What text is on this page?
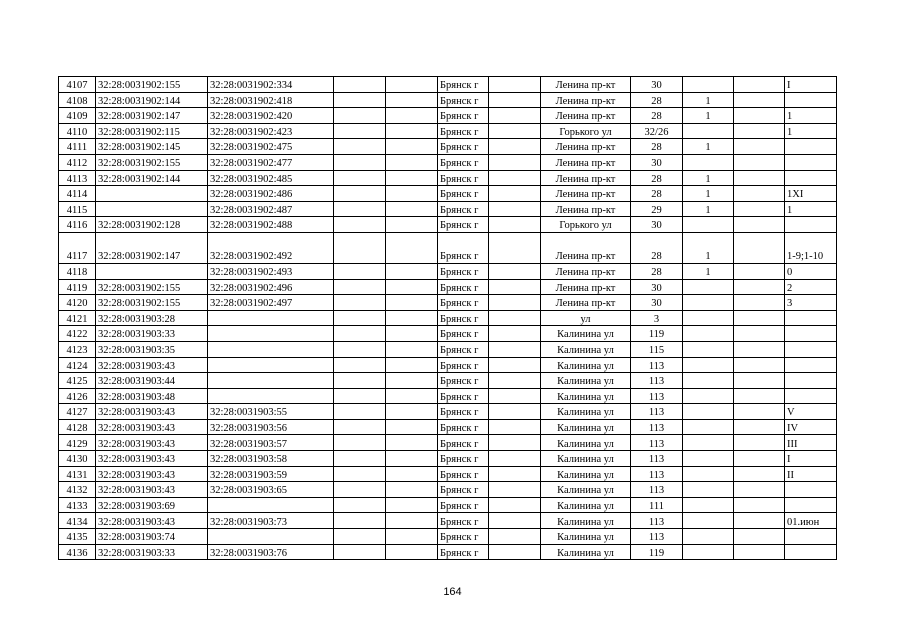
4107	32:28:0031902:155	32:28:0031902:334			Брянск г		Ленина пр-кт	30			I
4108	32:28:0031902:144	32:28:0031902:418			Брянск г		Ленина пр-кт	28	1		
4109	32:28:0031902:147	32:28:0031902:420			Брянск г		Ленина пр-кт	28	1		1
4110	32:28:0031902:115	32:28:0031902:423			Брянск г		Горького ул	32/26			1
4111	32:28:0031902:145	32:28:0031902:475			Брянск г		Ленина пр-кт	28	1		
4112	32:28:0031902:155	32:28:0031902:477			Брянск г		Ленина пр-кт	30			
4113	32:28:0031902:144	32:28:0031902:485			Брянск г		Ленина пр-кт	28	1		
4114		32:28:0031902:486			Брянск г		Ленина пр-кт	28	1		1XI
4115		32:28:0031902:487			Брянск г		Ленина пр-кт	29	1		1
4116	32:28:0031902:128	32:28:0031902:488			Брянск г		Горького ул	30			
4117	32:28:0031902:147	32:28:0031902:492			Брянск г		Ленина пр-кт	28	1		1-9;1-10
4118		32:28:0031902:493			Брянск г		Ленина пр-кт	28	1		0
4119	32:28:0031902:155	32:28:0031902:496			Брянск г		Ленина пр-кт	30			2
4120	32:28:0031902:155	32:28:0031902:497			Брянск г		Ленина пр-кт	30			3
4121	32:28:0031903:28				Брянск г		ул	3			
4122	32:28:0031903:33				Брянск г		Калинина ул	119			
4123	32:28:0031903:35				Брянск г		Калинина ул	115			
4124	32:28:0031903:43				Брянск г		Калинина ул	113			
4125	32:28:0031903:44				Брянск г		Калинина ул	113			
4126	32:28:0031903:48				Брянск г		Калинина ул	113			
4127	32:28:0031903:43	32:28:0031903:55			Брянск г		Калинина ул	113			V
4128	32:28:0031903:43	32:28:0031903:56			Брянск г		Калинина ул	113			IV
4129	32:28:0031903:43	32:28:0031903:57			Брянск г		Калинина ул	113			III
4130	32:28:0031903:43	32:28:0031903:58			Брянск г		Калинина ул	113			I
4131	32:28:0031903:43	32:28:0031903:59			Брянск г		Калинина ул	113			II
4132	32:28:0031903:43	32:28:0031903:65			Брянск г		Калинина ул	113			
4133	32:28:0031903:69				Брянск г		Калинина ул	111			
4134	32:28:0031903:43	32:28:0031903:73			Брянск г		Калинина ул	113			01.июн
4135	32:28:0031903:74				Брянск г		Калинина ул	113			
4136	32:28:0031903:33	32:28:0031903:76			Брянск г		Калинина ул	119			
164
